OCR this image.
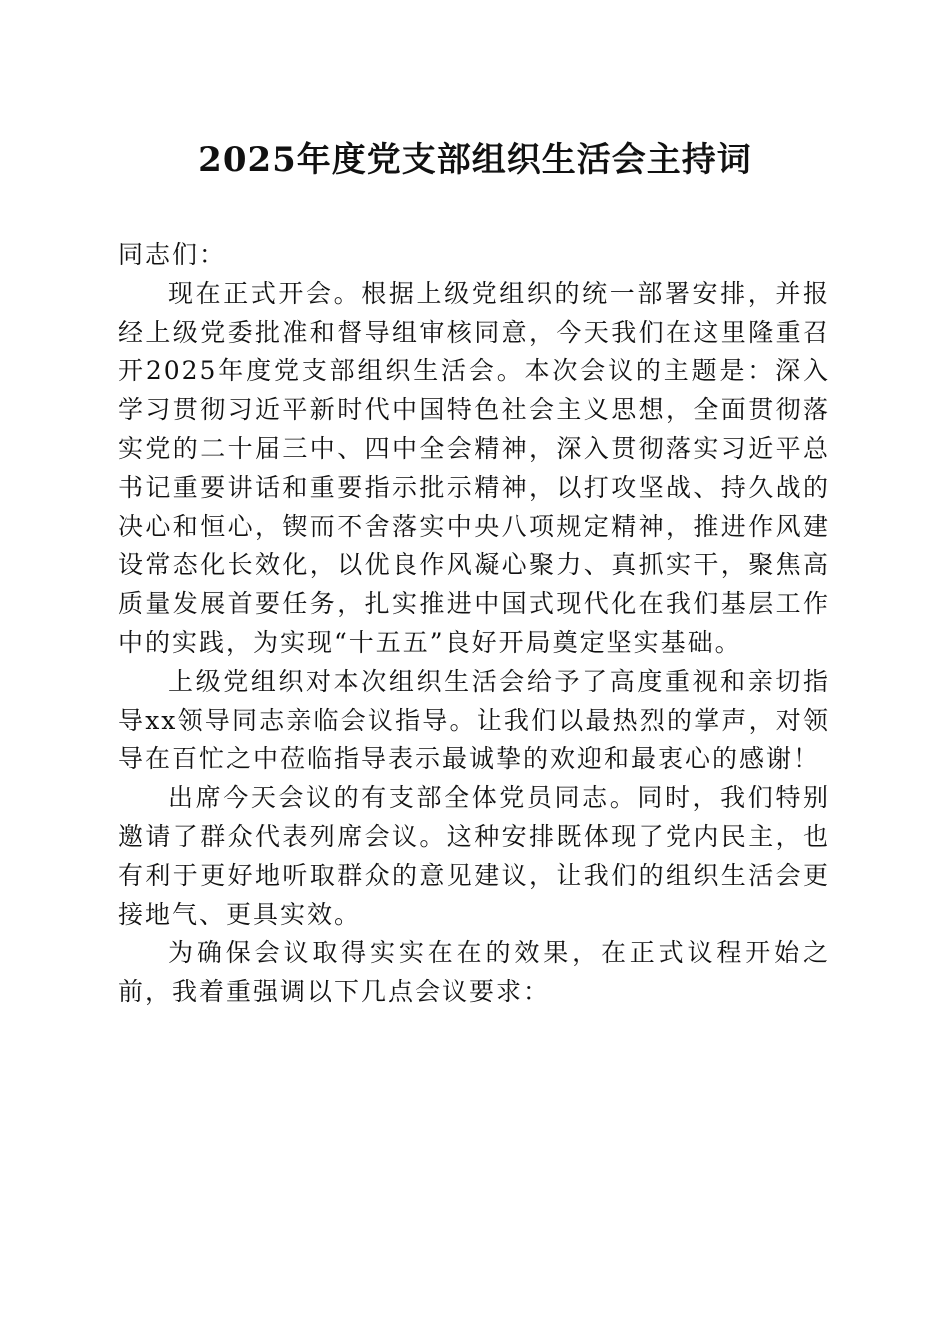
2025年度党支部组织生活会主持词

同志们：

现在正式开会。根据上级党组织的统一部署安排，并报经上级党委批准和督导组审核同意，今天我们在这里隆重召开2025年度党支部组织生活会。本次会议的主题是：深入学习贯彻习近平新时代中国特色社会主义思想，全面贯彻落实党的二十届三中、四中全会精神，深入贯彻落实习近平总书记重要讲话和重要指示批示精神，以打攻坚战、持久战的决心和恒心，锲而不舍落实中央八项规定精神，推进作风建设常态化长效化，以优良作风凝心聚力、真抓实干，聚焦高质量发展首要任务，扎实推进中国式现代化在我们基层工作中的实践，为实现“十五五”良好开局奠定坚实基础。

上级党组织对本次组织生活会给予了高度重视和亲切指导xx领导同志亲临会议指导。让我们以最热烈的掌声，对领导在百忙之中莅临指导表示最诚挚的欢迎和最衷心的感谢！

出席今天会议的有支部全体党员同志。同时，我们特别邀请了群众代表列席会议。这种安排既体现了党内民主，也有利于更好地听取群众的意见建议，让我们的组织生活会更接地气、更具实效。

为确保会议取得实实在在的效果，在正式议程开始之前，我着重强调以下几点会议要求：
